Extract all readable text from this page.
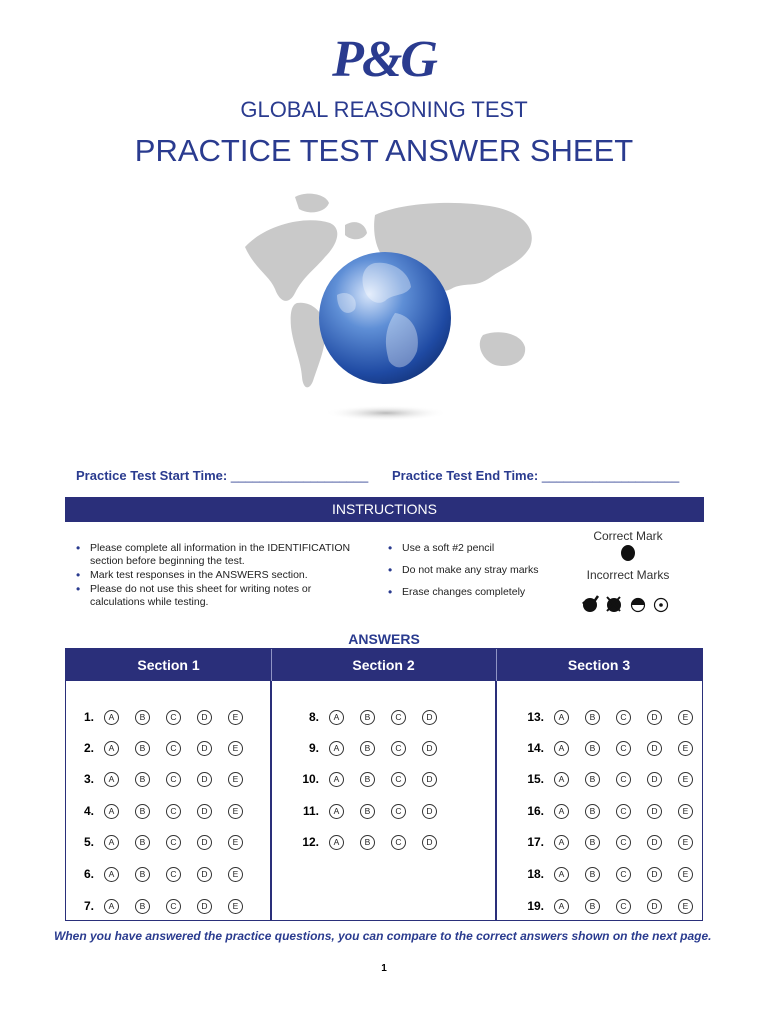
P&G
GLOBAL REASONING TEST
PRACTICE TEST ANSWER SHEET
Practice Test Start Time: ___________________ Practice Test End Time: ___________________
INSTRUCTIONS
• Please complete all information in the IDENTIFICATION section before beginning the test.
• Mark test responses in the ANSWERS section.
• Please do not use this sheet for writing notes or calculations while testing.
• Use a soft #2 pencil
• Do not make any stray marks
• Erase changes completely
Correct Mark
Incorrect Marks
ANSWERS
Section 1	Section 2	Section 3
1.	A	B	C	D	E
2.	A	B	C	D	E
3.	A	B	C	D	E
4.	A	B	C	D	E
5.	A	B	C	D	E
6.	A	B	C	D	E
7.	A	B	C	D	E
8.	A	B	C	D
9.	A	B	C	D
10.	A	B	C	D
11.	A	B	C	D
12.	A	B	C	D
13.	A	B	C	D	E
14.	A	B	C	D	E
15.	A	B	C	D	E
16.	A	B	C	D	E
17.	A	B	C	D	E
18.	A	B	C	D	E
19.	A	B	C	D	E
When you have answered the practice questions, you can compare to the correct answers shown on the next page.
1
